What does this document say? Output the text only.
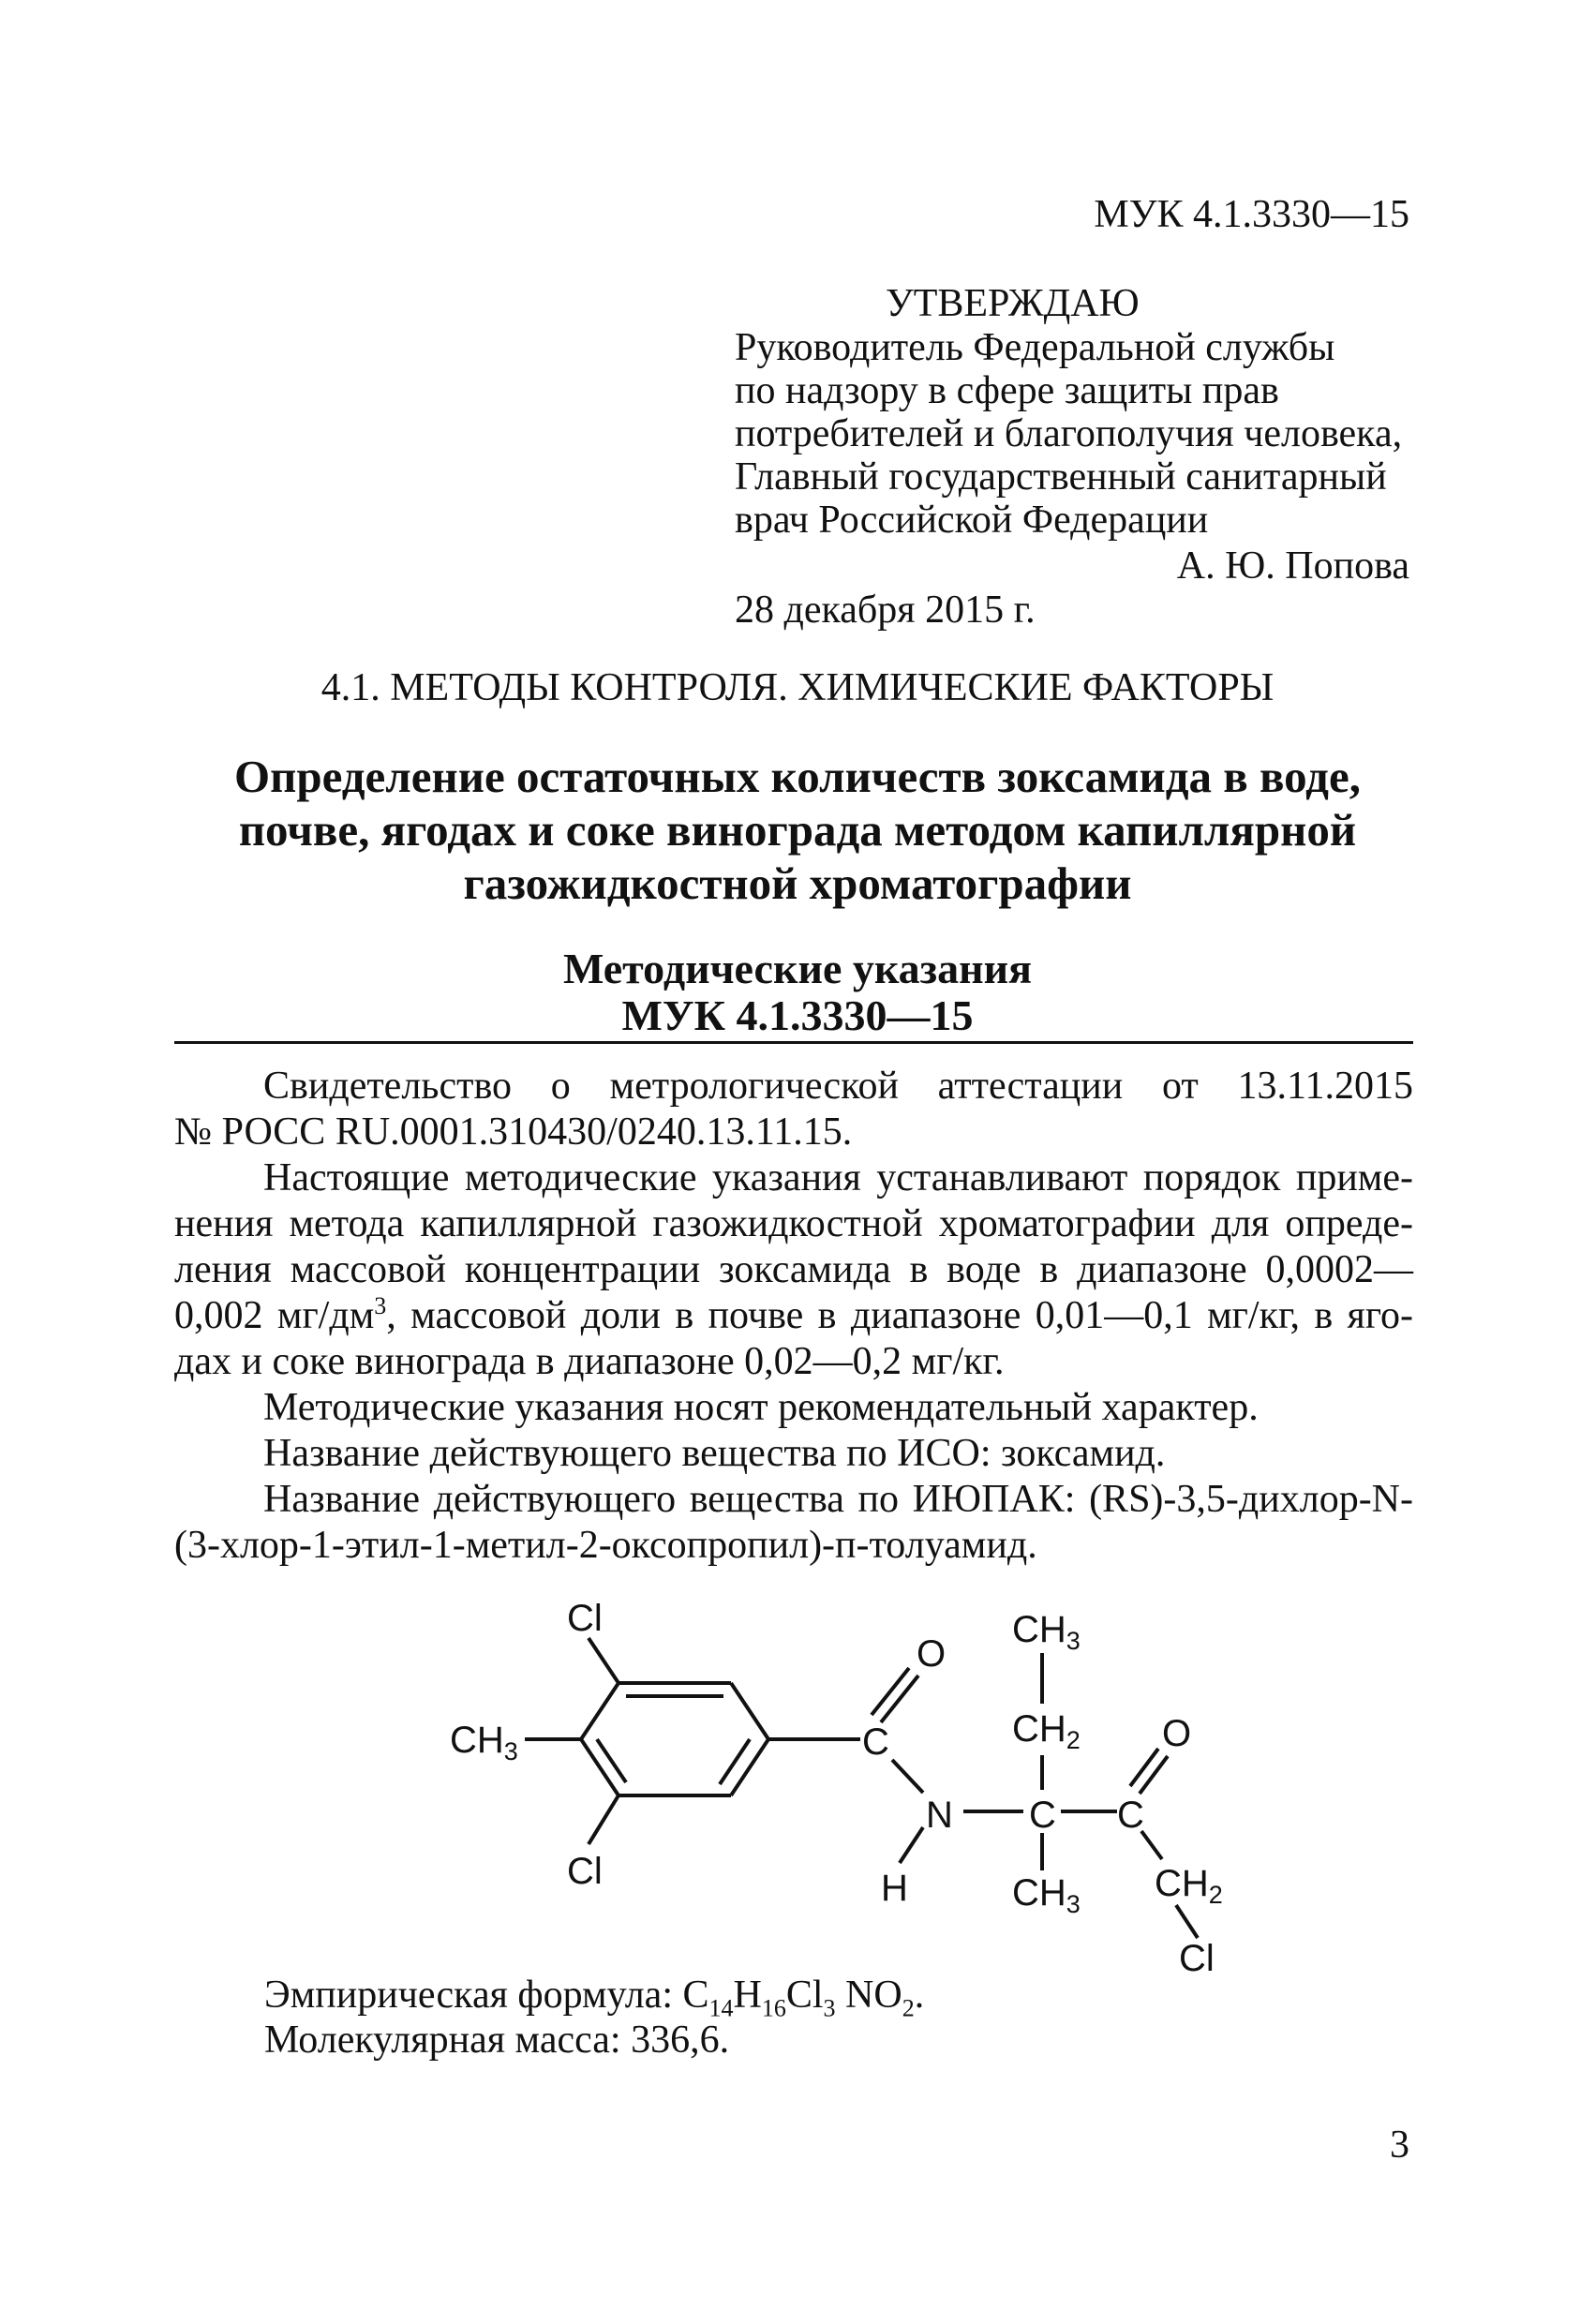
МУК 4.1.3330—15
УТВЕРЖДАЮ
Руководитель Федеральной службы
по надзору в сфере защиты прав
потребителей и благополучия человека,
Главный государственный санитарный
врач Российской Федерации
А. Ю. Попова
28 декабря 2015 г.
4.1. МЕТОДЫ КОНТРОЛЯ. ХИМИЧЕСКИЕ ФАКТОРЫ
Определение остаточных количеств зоксамида в воде,
почве, ягодах и соке винограда методом капиллярной
газожидкостной хроматографии
Методические указания
МУК 4.1.3330—15
Свидетельство о метрологической аттестации от 13.11.2015
№ РОСС RU.0001.310430/0240.13.11.15.
Настоящие методические указания устанавливают порядок приме-
нения метода капиллярной газожидкостной хроматографии для опреде-
ления массовой концентрации зоксамида в воде в диапазоне 0,0002—
0,002 $мг/дм^3$, массовой доли в почве в диапазоне 0,01—0,1 мг/кг, в яго-
дах и соке винограда в диапазоне 0,02—0,2 мг/кг.
Методические указания носят рекомендательный характер.
Название действующего вещества по ИСО: зоксамид.
Название действующего вещества по ИЮПАК: (RS)-3,5-дихлор-N-
(3-хлор-1-этил-1-метил-2-оксопропил)-п-толуамид.
Cl
Cl
$CH_3$
O
C
N
H
$CH_3$
$CH_2$
C
$CH_3$
C
O
$CH_2$
Cl
Эмпирическая формула: $C_{14}H_{16}Cl_3$ $NO_2$.
Молекулярная масса: 336,6.
3
